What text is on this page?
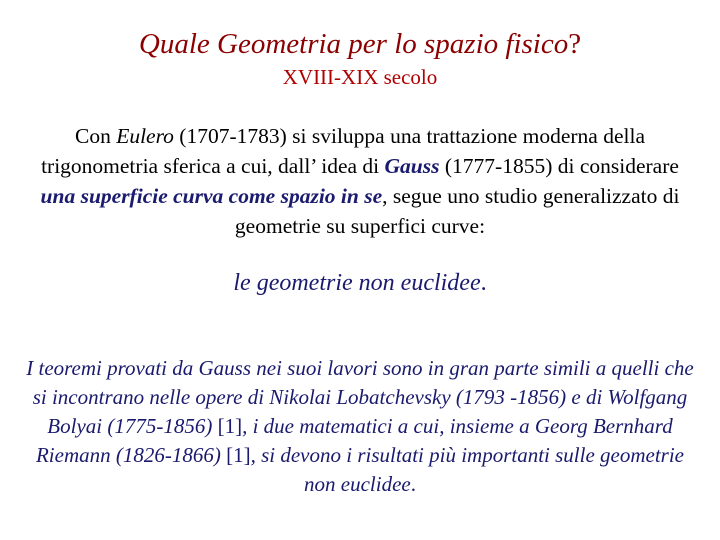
Quale Geometria per lo spazio fisico?
XVIII-XIX secolo

Con Eulero (1707-1783) si sviluppa una trattazione moderna della trigonometria sferica a cui, dall’ idea di Gauss (1777-1855) di considerare una superficie curva come spazio in se, segue uno studio generalizzato di geometrie su superfici curve:

le geometrie non euclidee.

I teoremi provati da Gauss nei suoi lavori sono in gran parte simili a quelli che si incontrano nelle opere di Nikolai Lobatchevsky (1793 -1856) e di Wolfgang Bolyai (1775-1856) [1], i due matematici a cui, insieme a Georg Bernhard Riemann (1826-1866) [1], si devono i risultati più importanti sulle geometrie non euclidee.
